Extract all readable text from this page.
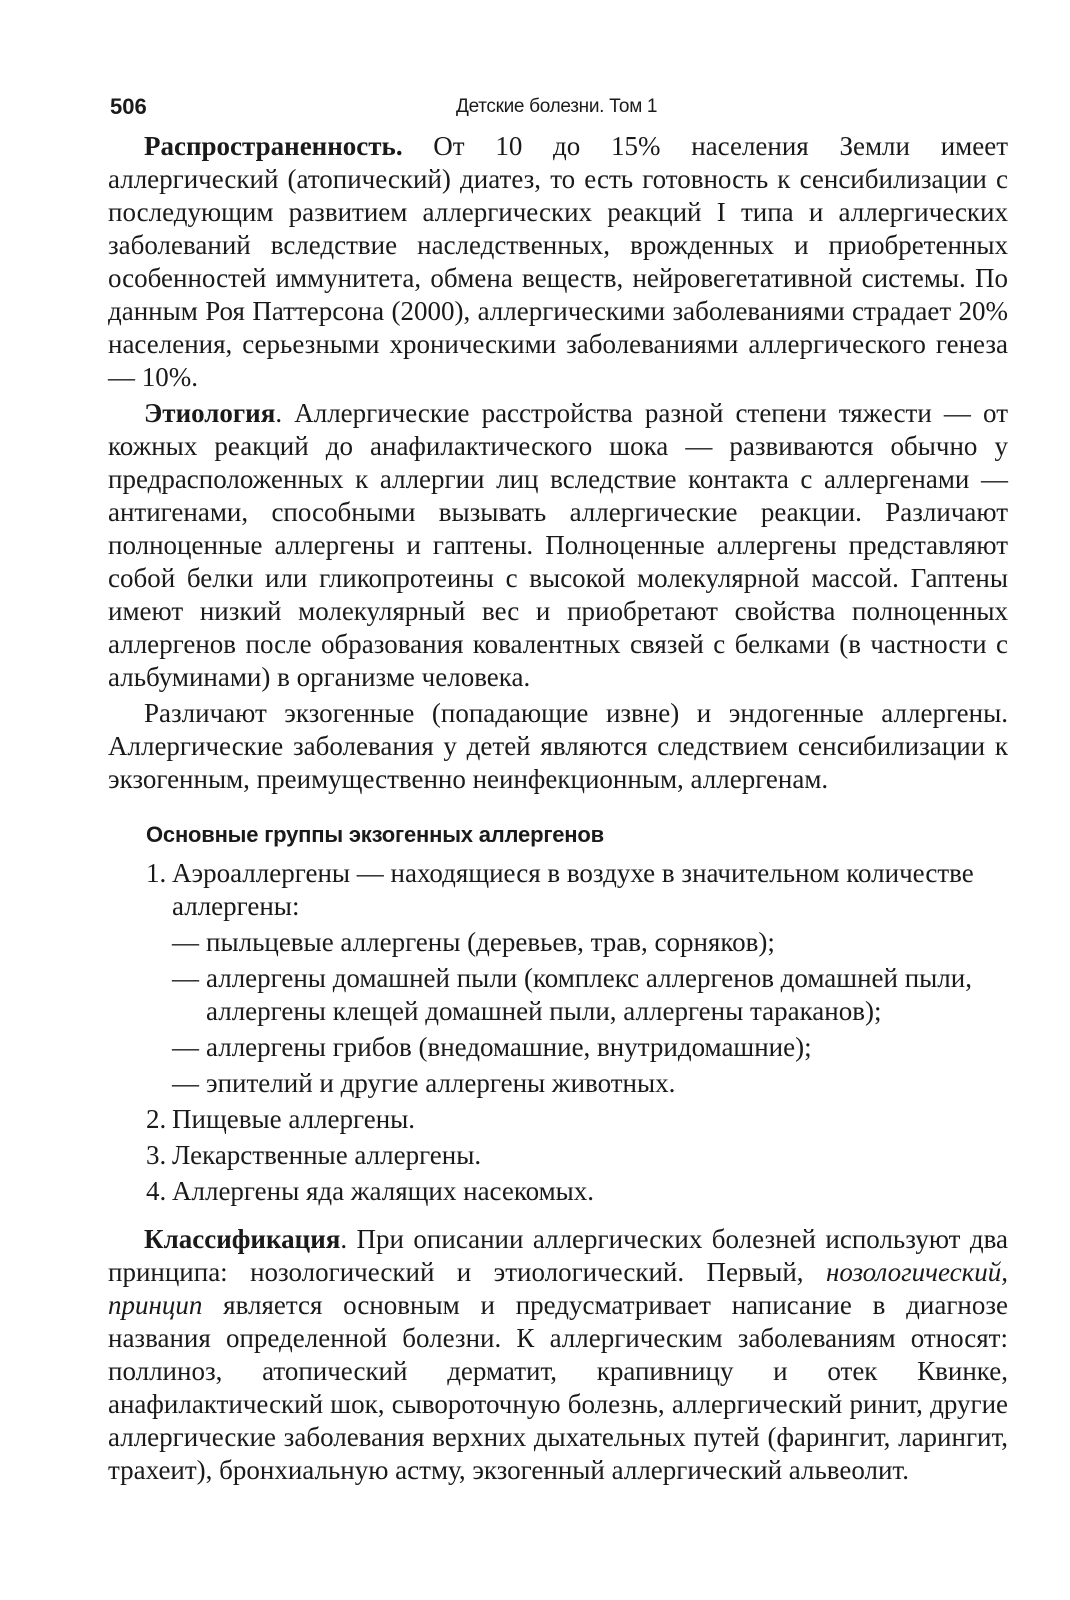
506	Детские болезни. Том 1

Распространенность. От 10 до 15% населения Земли имеет аллергический (атопический) диатез, то есть готовность к сенсибилизации с последующим развитием аллергических реакций I типа и аллергических заболеваний вследствие наследственных, врожденных и приобретенных особенностей иммунитета, обмена веществ, нейровегетативной системы. По данным Роя Паттерсона (2000), аллергическими заболеваниями страдает 20% населения, серьезными хроническими заболеваниями аллергического генеза — 10%.

Этиология. Аллергические расстройства разной степени тяжести — от кожных реакций до анафилактического шока — развиваются обычно у предрасположенных к аллергии лиц вследствие контакта с аллергенами — антигенами, способными вызывать аллергические реакции. Различают полноценные аллергены и гаптены. Полноценные аллергены представляют собой белки или гликопротеины с высокой молекулярной массой. Гаптены имеют низкий молекулярный вес и приобретают свойства полноценных аллергенов после образования ковалентных связей с белками (в частности с альбуминами) в организме человека.

Различают экзогенные (попадающие извне) и эндогенные аллергены. Аллергические заболевания у детей являются следствием сенсибилизации к экзогенным, преимущественно неинфекционным, аллергенам.

Основные группы экзогенных аллергенов
1. Аэроаллергены — находящиеся в воздухе в значительном количестве аллергены:
— пыльцевые аллергены (деревьев, трав, сорняков);
— аллергены домашней пыли (комплекс аллергенов домашней пыли, аллергены клещей домашней пыли, аллергены тараканов);
— аллергены грибов (внедомашние, внутридомашние);
— эпителий и другие аллергены животных.
2. Пищевые аллергены.
3. Лекарственные аллергены.
4. Аллергены яда жалящих насекомых.

Классификация. При описании аллергических болезней используют два принципа: нозологический и этиологический. Первый, нозологический, принцип является основным и предусматривает написание в диагнозе названия определенной болезни. К аллергическим заболеваниям относят: поллиноз, атопический дерматит, крапивницу и отек Квинке, анафилактический шок, сывороточную болезнь, аллергический ринит, другие аллергические заболевания верхних дыхательных путей (фарингит, ларингит, трахеит), бронхиальную астму, экзогенный аллергический альвеолит.
